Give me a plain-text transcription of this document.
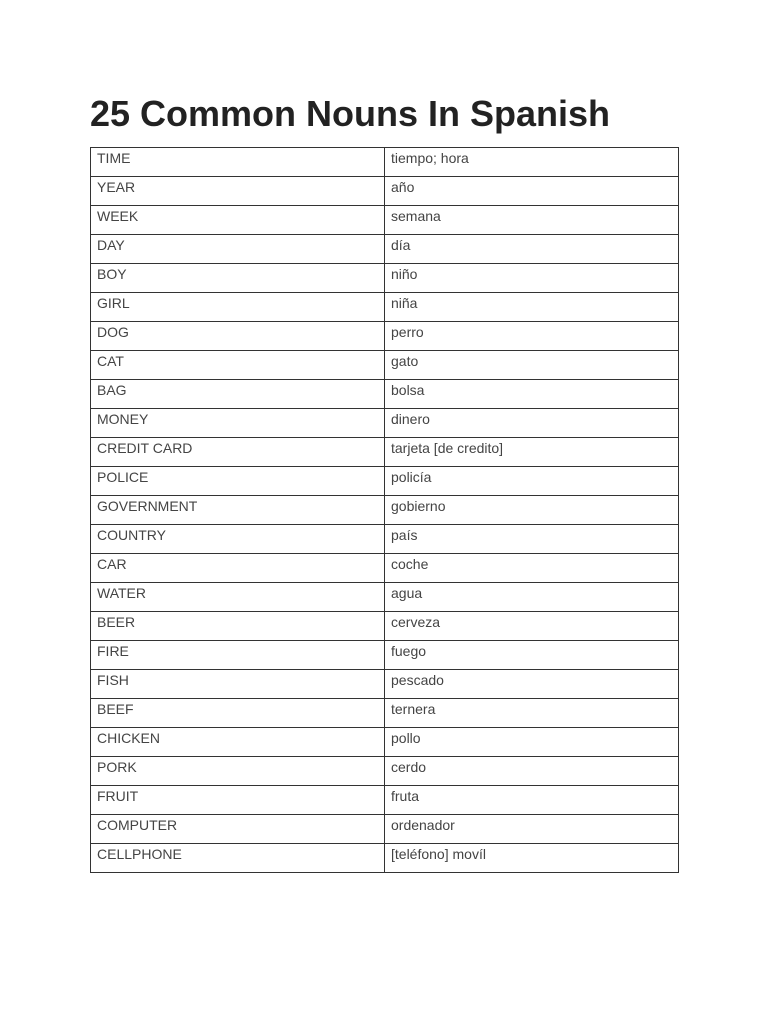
25 Common Nouns In Spanish
TIME	tiempo; hora
YEAR	año
WEEK	semana
DAY	día
BOY	niño
GIRL	niña
DOG	perro
CAT	gato
BAG	bolsa
MONEY	dinero
CREDIT CARD	tarjeta [de credito]
POLICE	policía
GOVERNMENT	gobierno
COUNTRY	país
CAR	coche
WATER	agua
BEER	cerveza
FIRE	fuego
FISH	pescado
BEEF	ternera
CHICKEN	pollo
PORK	cerdo
FRUIT	fruta
COMPUTER	ordenador
CELLPHONE	[teléfono] movíl
